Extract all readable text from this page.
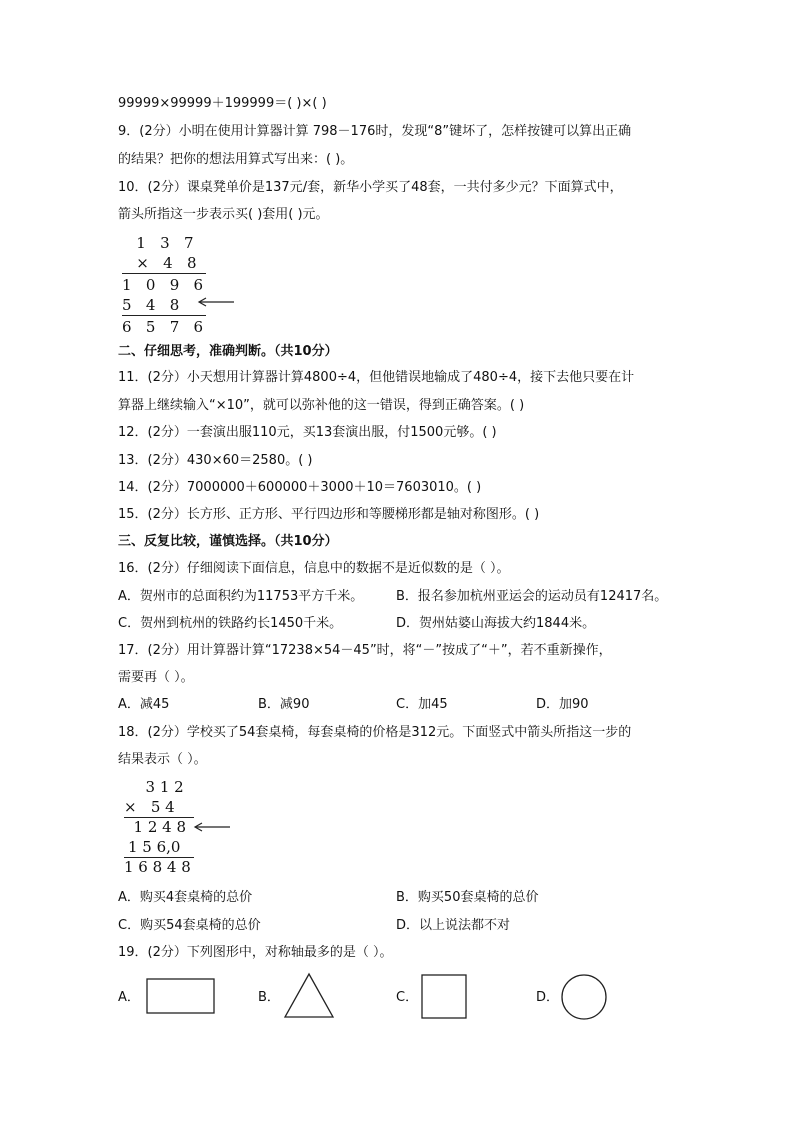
99999×99999＋199999＝( )×( )
9．(2分）小明在使用计算器计算 798－176时，发现“8”键坏了，怎样按键可以算出正确
的结果？把你的想法用算式写出来：( )。
10．(2分）课桌凳单价是137元/套，新华小学买了48套，一共付多少元？下面算式中，
箭头所指这一步表示买( )套用( )元。
1   3   7
×   4   8
1   0   9   6
5   4   8
6   5   7   6
二、仔细思考，准确判断。（共10分）
11．(2分）小天想用计算器计算4800÷4，但他错误地输成了480÷4，接下去他只要在计
算器上继续输入“×10”，就可以弥补他的这一错误，得到正确答案。( )
12．(2分）一套演出服110元，买13套演出服，付1500元够。( )
13．(2分）430×60＝2580。( )
14．(2分）7000000＋600000＋3000＋10＝7603010。( )
15．(2分）长方形、正方形、平行四边形和等腰梯形都是轴对称图形。( )
三、反复比较，谨慎选择。（共10分）
16．(2分）仔细阅读下面信息，信息中的数据不是近似数的是（ ）。
A．贺州市的总面积约为11753平方千米。	B．报名参加杭州亚运会的运动员有12417名。
C．贺州到杭州的铁路约长1450千米。	D．贺州姑婆山海拔大约1844米。
17．(2分）用计算器计算“17238×54－45”时，将“－”按成了“＋”，若不重新操作，
需要再（ ）。
A．减45	B．减90	C．加45	D．加90
18．(2分）学校买了54套桌椅，每套桌椅的价格是312元。下面竖式中箭头所指这一步的
结果表示（ ）。
3 1 2
×   5 4
1 2 4 8
1 5 6,0
1 6 8 4 8
A．购买4套桌椅的总价	B．购买50套桌椅的总价
C．购买54套桌椅的总价	D．以上说法都不对
19．(2分）下列图形中，对称轴最多的是（ ）。
A．	B．	C．	D．
